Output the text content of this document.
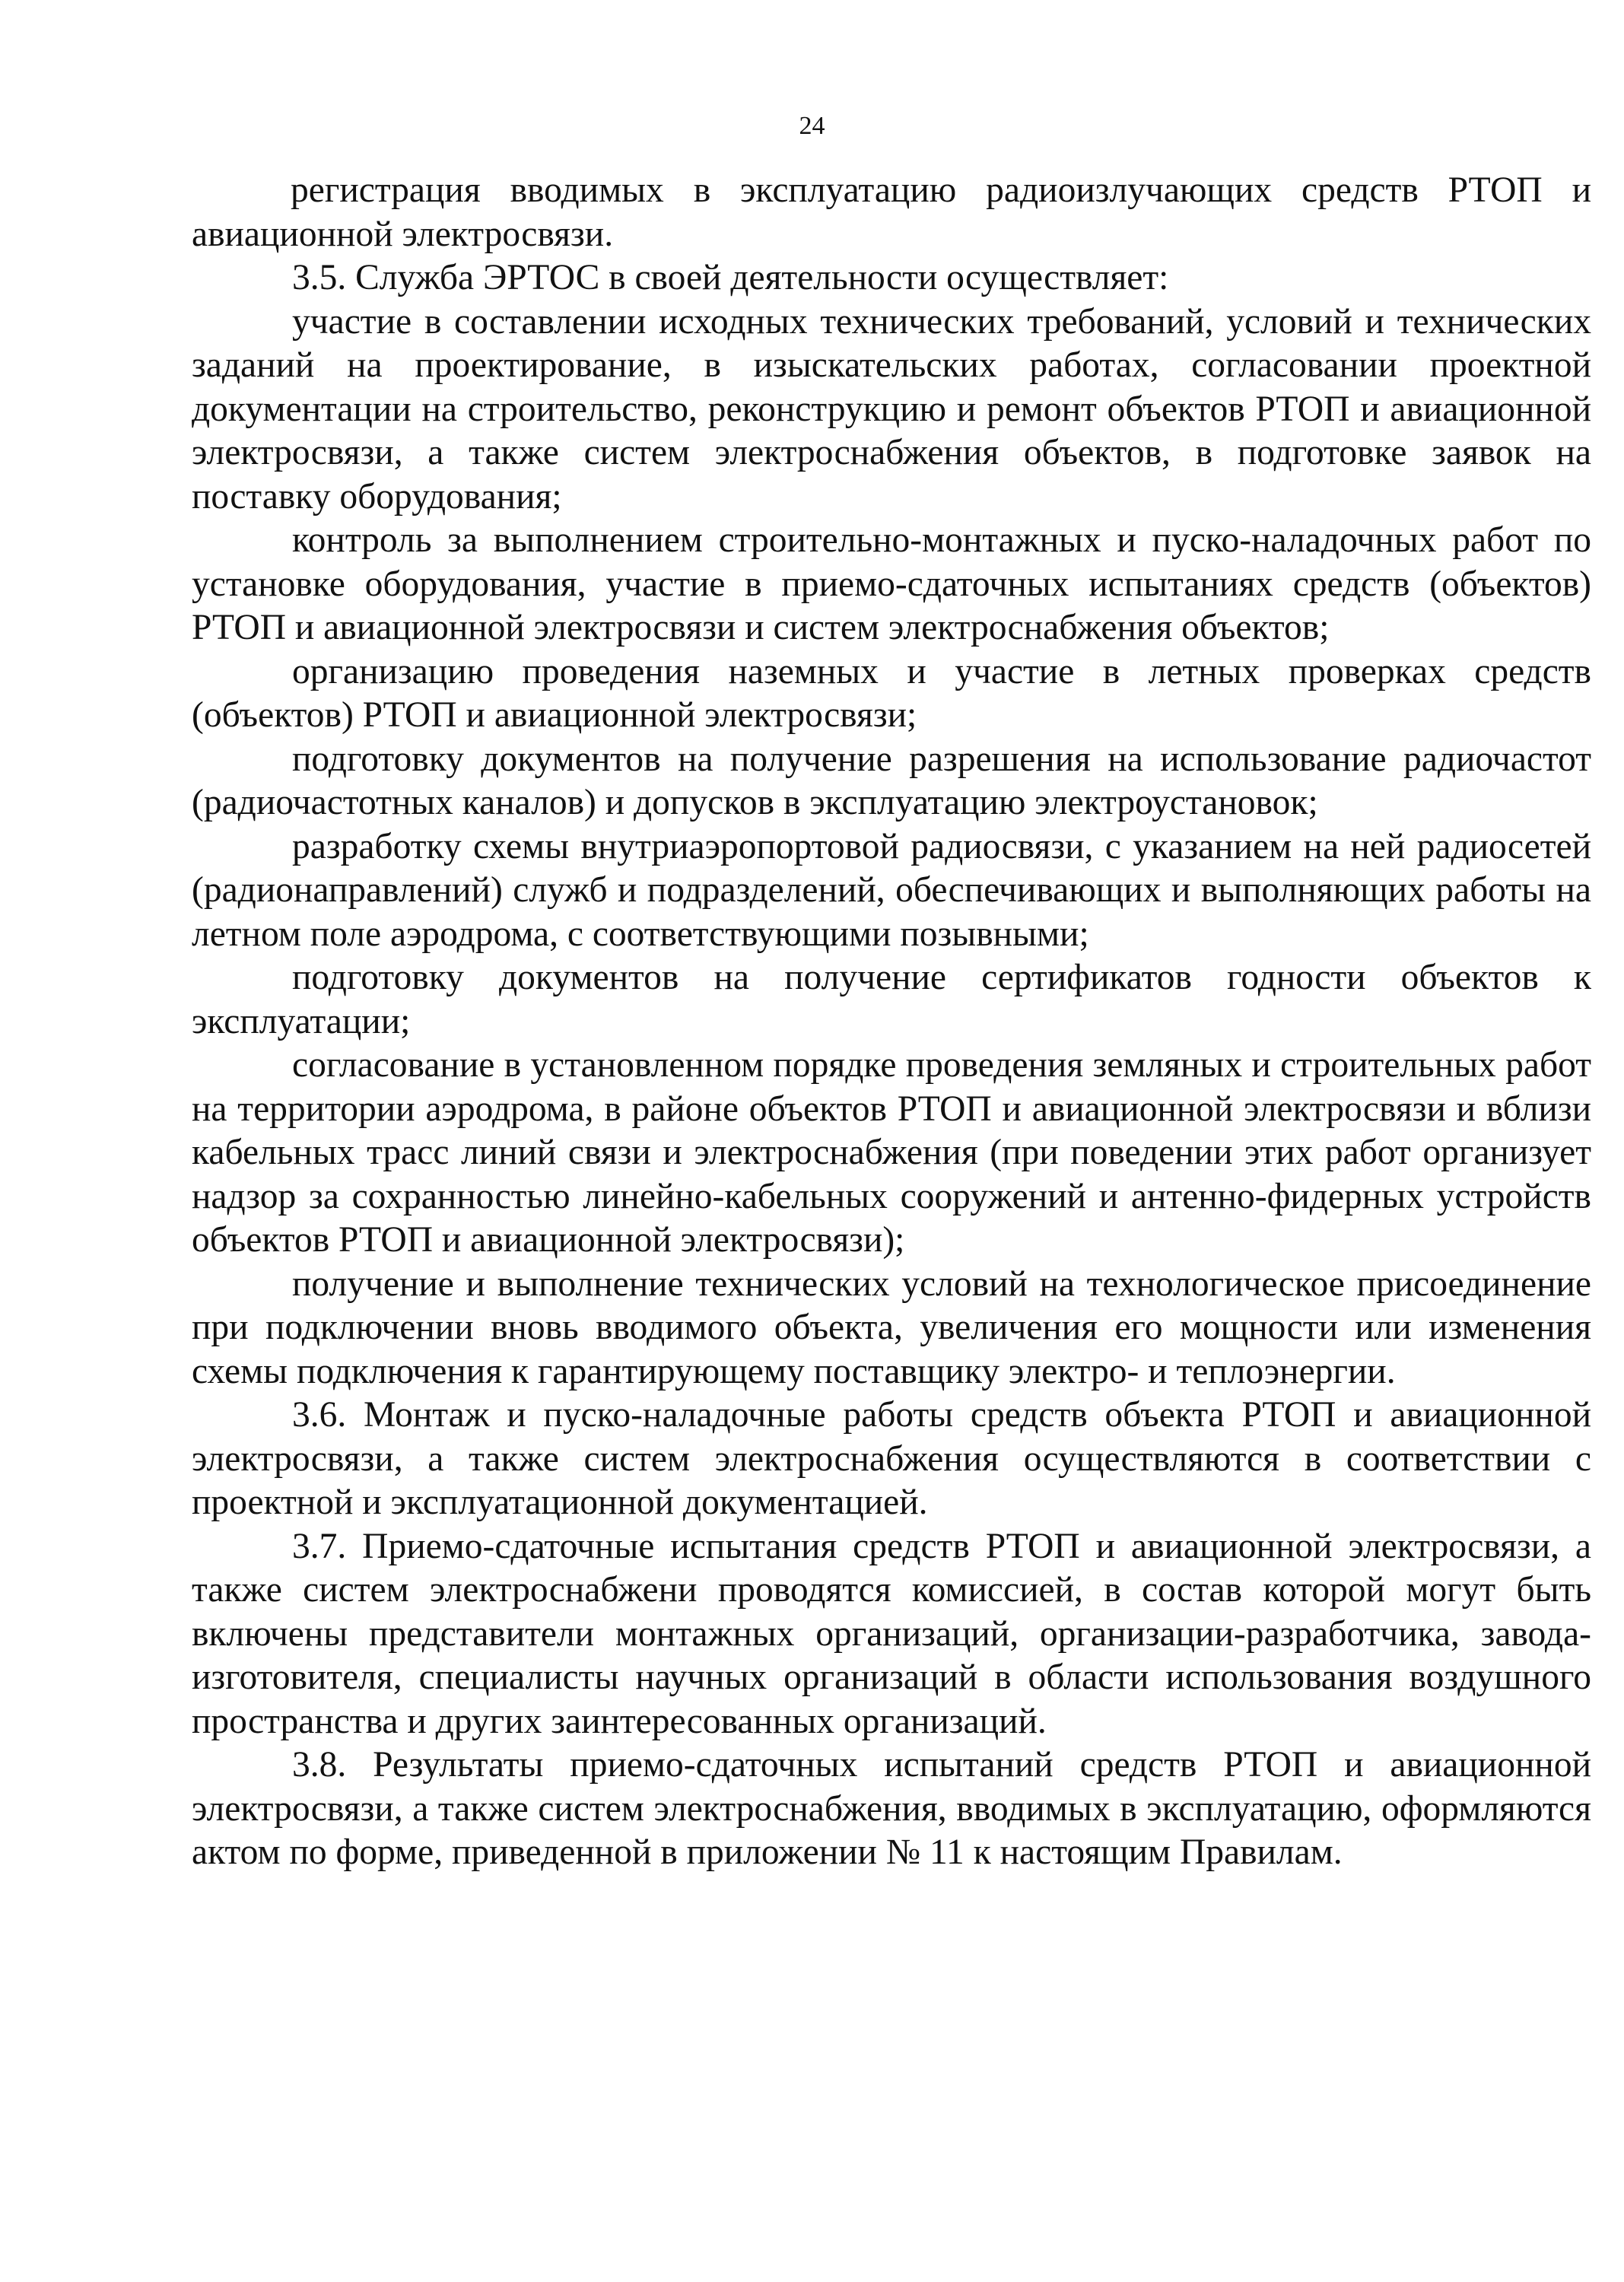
24

регистрация вводимых в эксплуатацию радиоизлучающих средств РТОП и авиационной электросвязи.

3.5. Служба ЭРТОС в своей деятельности осуществляет:

участие в составлении исходных технических требований, условий и технических заданий на проектирование, в изыскательских работах, согласовании проектной документации на строительство, реконструкцию и ремонт объектов РТОП и авиационной электросвязи, а также систем электроснабжения объектов, в подготовке заявок на поставку оборудования;

контроль за выполнением строительно-монтажных и пуско-наладочных работ по установке оборудования, участие в приемо-сдаточных испытаниях средств (объектов) РТОП и авиационной электросвязи и систем электроснабжения объектов;

организацию проведения наземных и участие в летных проверках средств (объектов) РТОП и авиационной электросвязи;

подготовку документов на получение разрешения на использование радиочастот (радиочастотных каналов) и допусков в эксплуатацию электроустановок;

разработку схемы внутриаэропортовой радиосвязи, с указанием на ней радиосетей (радионаправлений) служб и подразделений, обеспечивающих и выполняющих работы на летном поле аэродрома, с соответствующими позывными;

подготовку документов на получение сертификатов годности объектов к эксплуатации;

согласование в установленном порядке проведения земляных и строительных работ на территории аэродрома, в районе объектов РТОП и авиационной электросвязи и вблизи кабельных трасс линий связи и электроснабжения (при поведении этих работ организует надзор за сохранностью линейно-кабельных сооружений и антенно-фидерных устройств объектов РТОП и авиационной электросвязи);

получение и выполнение технических условий на технологическое присоединение при подключении вновь вводимого объекта, увеличения его мощности или изменения схемы подключения к гарантирующему поставщику электро- и теплоэнергии.

3.6. Монтаж и пуско-наладочные работы средств объекта РТОП и авиационной электросвязи, а также систем электроснабжения осуществляются в соответствии с проектной и эксплуатационной документацией.

3.7. Приемо-сдаточные испытания средств РТОП и авиационной электросвязи, а также систем электроснабжени проводятся комиссией, в состав которой могут быть включены представители монтажных организаций, организации-разработчика, завода-изготовителя, специалисты научных организаций в области использования воздушного пространства и других заинтересованных организаций.

3.8. Результаты приемо-сдаточных испытаний средств РТОП и авиационной электросвязи, а также систем электроснабжения, вводимых в эксплуатацию, оформляются актом по форме, приведенной в приложении № 11 к настоящим Правилам.
